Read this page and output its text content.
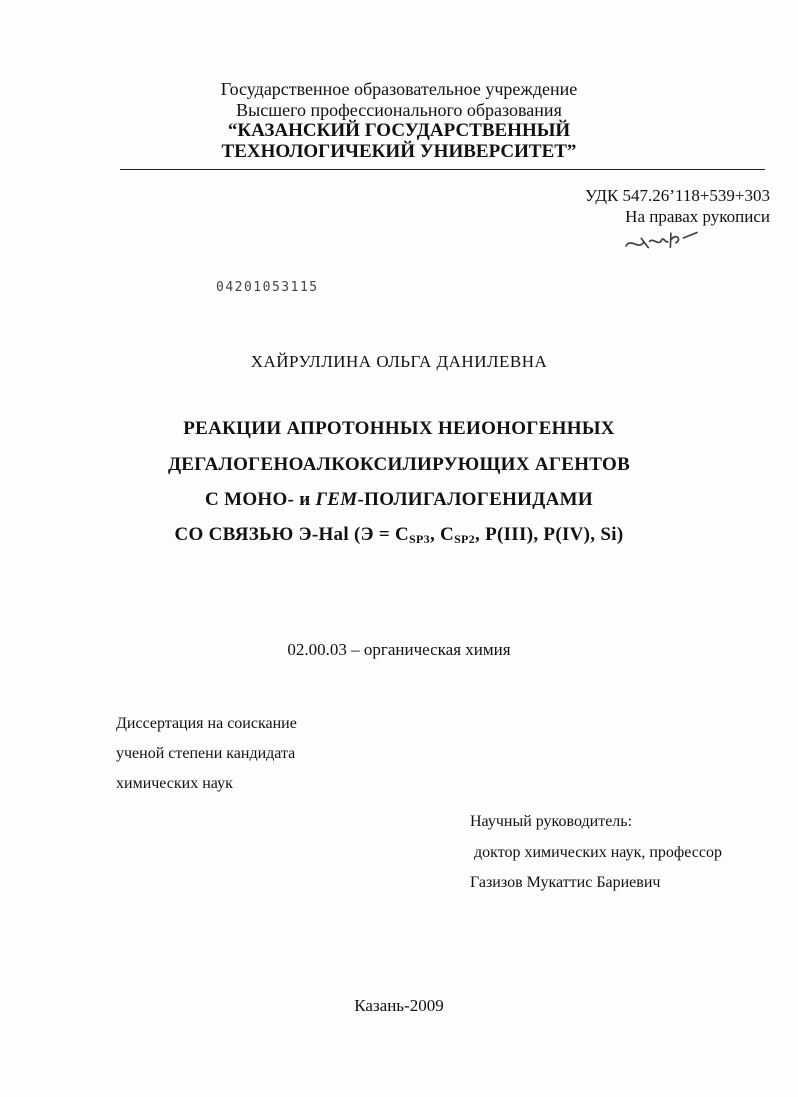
Государственное образовательное учреждение
Высшего профессионального образования
“КАЗАНСКИЙ ГОСУДАРСТВЕННЫЙ
ТЕХНОЛОГИЧЕКИЙ УНИВЕРСИТЕТ”
УДК 547.26’118+539+303
На правах рукописи
04201053115
ХАЙРУЛЛИНА ОЛЬГА ДАНИЛЕВНА
РЕАКЦИИ АПРОТОННЫХ НЕИОНОГЕННЫХ
ДЕГАЛОГЕНОАЛКОКСИЛИРУЮЩИХ АГЕНТОВ
С МОНО- и ГЕМ-ПОЛИГАЛОГЕНИДАМИ
СО СВЯЗЬЮ Э-Hal ($Э = C_{SP3}$, $C_{SP2}$, P(III), P(IV), Si)
02.00.03 – органическая химия
Диссертация на соискание
ученой степени кандидата
химических наук
Научный руководитель:
доктор химических наук, профессор
Газизов Мукаттис Бариевич
Казань-2009
